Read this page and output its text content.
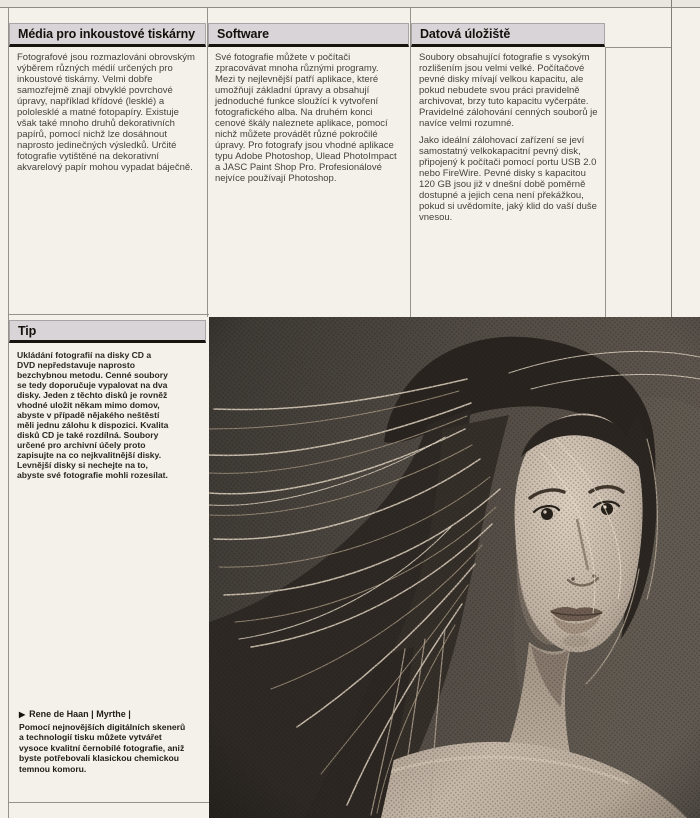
Média pro inkoustové tiskárny	Software	Datová úložiště

Fotografové jsou rozmazlováni obrovským výběrem různých médií určených pro inkoustové tiskárny. Velmi dobře samozřejmě znají obvyklé povrchové úpravy, například křídové (lesklé) a pololesklé a matné fotopapíry. Existuje však také mnoho druhů dekorativních papírů, pomocí nichž lze dosáhnout naprosto jedinečných výsledků. Určité fotografie vytištěné na dekorativní akvarelový papír mohou vypadat báječně.

Své fotografie můžete v počítači zpracovávat mnoha různými programy. Mezi ty nejlevnější patří aplikace, které umožňují základní úpravy a obsahují jednoduché funkce sloužící k vytvoření fotografického alba. Na druhém konci cenové škály naleznete aplikace, pomocí nichž můžete provádět různé pokročilé úpravy. Pro fotografy jsou vhodné aplikace typu Adobe Photoshop, Ulead PhotoImpact a JASC Paint Shop Pro. Profesionálové nejvíce používají Photoshop.

Soubory obsahující fotografie s vysokým rozlišením jsou velmi velké. Počítačové pevné disky mívají velkou kapacitu, ale pokud nebudete svou práci pravidelně archivovat, brzy tuto kapacitu vyčerpáte. Pravidelné zálohování cenných souborů je navíce velmi rozumné.

Jako ideální zálohovací zařízení se jeví samostatný velkokapacitní pevný disk, připojený k počítači pomocí portu USB 2.0 nebo FireWire. Pevné disky s kapacitou 120 GB jsou již v dnešní době poměrně dostupné a jejich cena není překážkou, pokud si uvědomíte, jaký klid do vaší duše vnesou.

Tip
Ukládání fotografií na disky CD a DVD nepředstavuje naprosto bezchybnou metodu. Cenné soubory se tedy doporučuje vypalovat na dva disky. Jeden z těchto disků je rovněž vhodné uložit někam mimo domov, abyste v případě nějakého neštěstí měli jednu zálohu k dispozici. Kvalita disků CD je také rozdílná. Soubory určené pro archivní účely proto zapisujte na co nejkvalitnější disky. Levnější disky si nechejte na to, abyste své fotografie mohli rozesílat.
▶ Rene de Haan | Myrthe |
Pomocí nejnovějších digitálních skenerů a technologií tisku můžete vytvářet vysoce kvalitní černobílé fotografie, aniž byste potřebovali klasickou chemickou temnou komoru.
